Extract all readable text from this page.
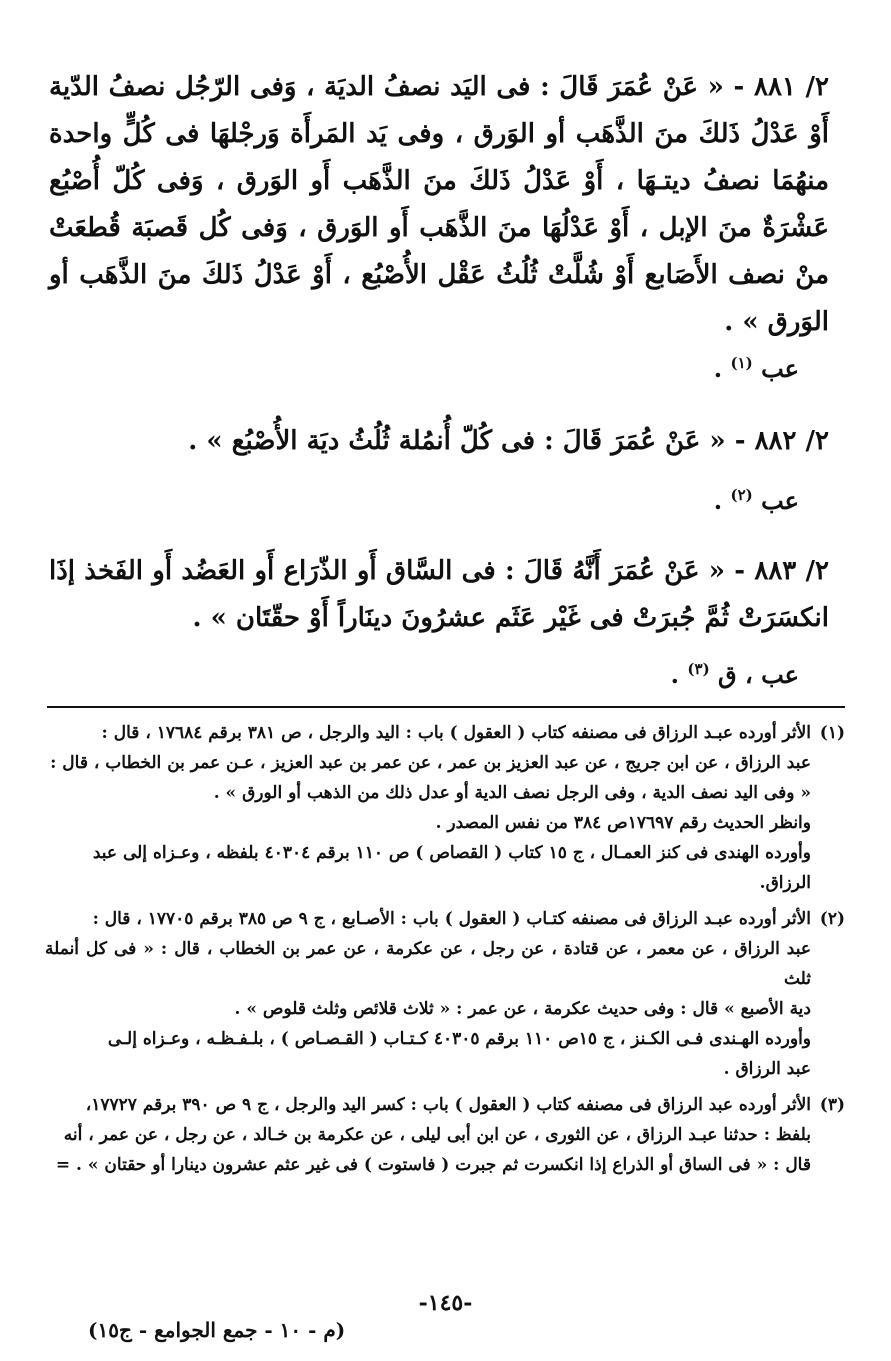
٢/ ٨٨١ - « عَنْ عُمَرَ قَالَ : فى اليَد نصفُ الديَة ، وَفى الرّجُل نصفُ الدّية أَوْ عَدْلُ ذَلكَ منَ الذَّهَب أو الوَرق ، وفى يَد المَرأَة وَرجْلهَا فى كُلٍّ واحدة منهُمَا نصفُ ديتـهَا ، أَوْ عَدْلُ ذَلكَ منَ الذَّهَب أَو الوَرق ، وَفى كُلّ أُصْبُع عَشْرَةٌ منَ الإبل ، أَوْ عَدْلُهَا منَ الذَّهَب أَو الوَرق ، وَفى كُل قَصبَة قُطعَتْ منْ نصف الأَصَابع أَوْ شُلَّتْ ثُلُثُ عَقْل الأُصْبُع ، أَوْ عَدْلُ ذَلكَ منَ الذَّهَب أو الوَرق » .
عب $^{(١)}$ .
٢/ ٨٨٢ - « عَنْ عُمَرَ قَالَ : فى كُلّ أُنمُلة ثُلُثُ ديَة الأُصْبُع » .
عب $^{(٢)}$ .
٢/ ٨٨٣ - « عَنْ عُمَرَ أَنَّهُ قَالَ : فى السَّاق أَو الذّرَاع أَو العَضُد أَو الفَخذ إذَا انكسَرَتْ ثُمَّ جُبرَتْ فى غَيْر عَثَم عشرُونَ دينَاراً أَوْ حقّتَان » .
عب ، ق $^{(٣)}$ .
(١)الأثر أورده عبـد الرزاق فى مصنفه كتاب ( العقول ) باب : اليد والرجل ، ص ٣٨١ برقم ١٧٦٨٤ ، قال :
عبد الرزاق ، عن ابن جريج ، عن عبد العزيز بن عمر ، عن عمر بن عبد العزيز ، عـن عمر بن الخطاب ، قال :
« وفى اليد نصف الدية ، وفى الرجل نصف الدية أو عدل ذلك من الذهب أو الورق » .
وانظر الحديث رقم ١٧٦٩٧ص ٣٨٤ من نفس المصدر .
وأورده الهندى فى كنز العمـال ، ج ١٥ كتاب ( القصاص ) ص ١١٠ برقم ٤٠٣٠٤ بلفظه ، وعـزاه إلى عبد
الرزاق.
(٢)الأثر أورده عبـد الرزاق فى مصنفه كتـاب ( العقول ) باب : الأصـابع ، ج ٩ ص ٣٨٥ برقم ١٧٧٠٥ ، قال :
عبد الرزاق ، عن معمر ، عن قتادة ، عن رجل ، عن عكرمة ، عن عمر بن الخطاب ، قال : « فى كل أنملة ثلث
دية الأصبع » قال : وفى حديث عكرمة ، عن عمر : « ثلاث قلائص وثلث قلوص » .
وأورده الهـندى فـى الكـنز ، ج ١٥ص ١١٠ برقم ٤٠٣٠٥ كـتـاب ( القـصـاص ) ، بلـفـظـه ، وعـزاه إلـى
عبد الرزاق .
(٣)الأثر أورده عبد الرزاق فى مصنفه كتاب ( العقول ) باب : كسر اليد والرجل ، ج ٩ ص ٣٩٠ برقم ١٧٧٢٧،
بلفظ : حدثنا عبـد الرزاق ، عن الثورى ، عن ابن أبى ليلى ، عن عكرمة بن خـالد ، عن رجل ، عن عمر ، أنه
قال : « فى الساق أو الذراع إذا انكسرت ثم جبرت ( فاستوت ) فى غير عثم عشرون دينارا أو حقتان » . =
-١٤٥-
(م - ١٠ - جمع الجوامع - ج١٥)
